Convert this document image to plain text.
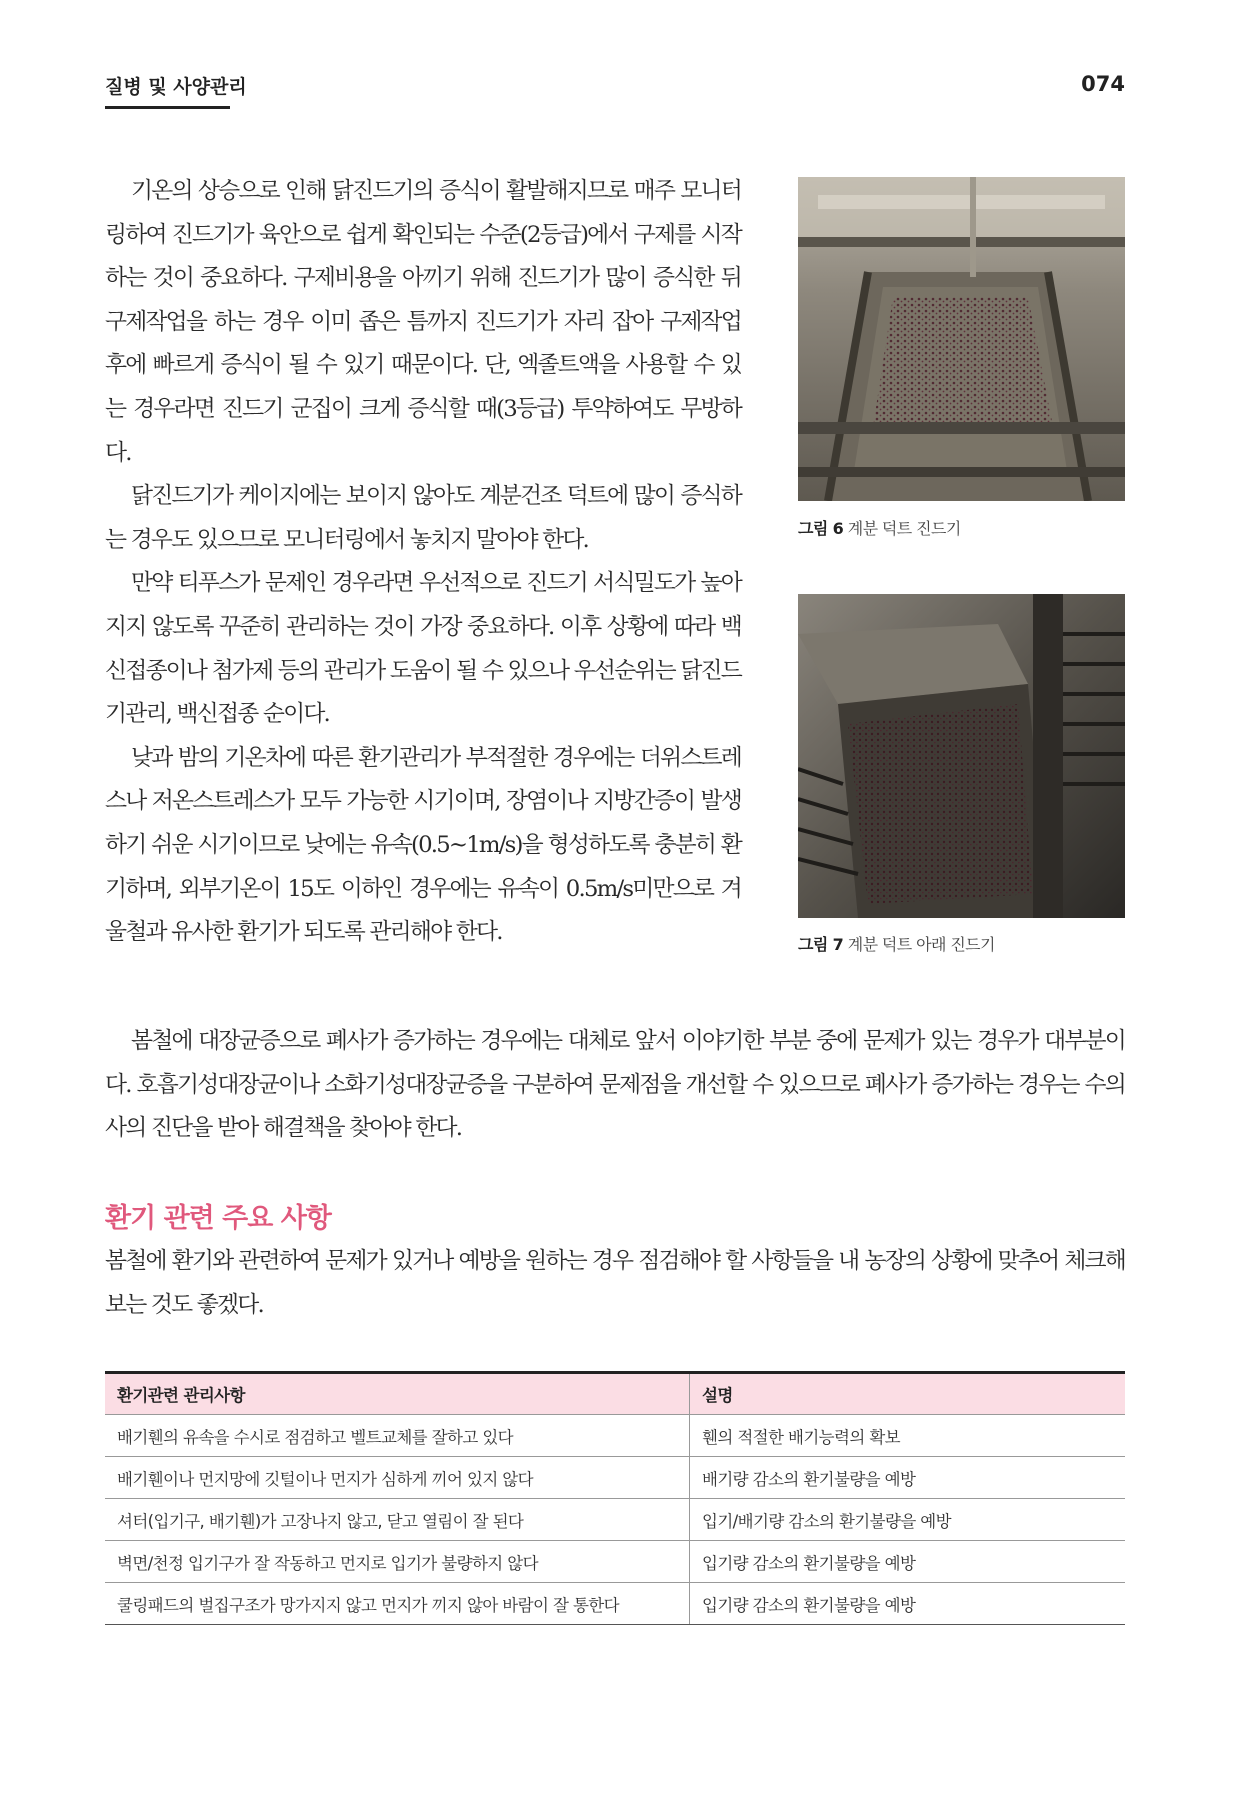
질병 및 사양관리	074

기온의 상승으로 인해 닭진드기의 증식이 활발해지므로 매주 모니터링하여 진드기가 육안으로 쉽게 확인되는 수준(2등급)에서 구제를 시작하는 것이 중요하다. 구제비용을 아끼기 위해 진드기가 많이 증식한 뒤 구제작업을 하는 경우 이미 좁은 틈까지 진드기가 자리 잡아 구제작업 후에 빠르게 증식이 될 수 있기 때문이다. 단, 엑졸트액을 사용할 수 있는 경우라면 진드기 군집이 크게 증식할 때(3등급) 투약하여도 무방하다.

닭진드기가 케이지에는 보이지 않아도 계분건조 덕트에 많이 증식하는 경우도 있으므로 모니터링에서 놓치지 말아야 한다.

만약 티푸스가 문제인 경우라면 우선적으로 진드기 서식밀도가 높아지지 않도록 꾸준히 관리하는 것이 가장 중요하다. 이후 상황에 따라 백신접종이나 첨가제 등의 관리가 도움이 될 수 있으나 우선순위는 닭진드기관리, 백신접종 순이다.

낮과 밤의 기온차에 따른 환기관리가 부적절한 경우에는 더위스트레스나 저온스트레스가 모두 가능한 시기이며, 장염이나 지방간증이 발생하기 쉬운 시기이므로 낮에는 유속(0.5~1m/s)을 형성하도록 충분히 환기하며, 외부기온이 15도 이하인 경우에는 유속이 0.5m/s미만으로 겨울철과 유사한 환기가 되도록 관리해야 한다.

그림 6 계분 덕트 진드기
그림 7 계분 덕트 아래 진드기

봄철에 대장균증으로 폐사가 증가하는 경우에는 대체로 앞서 이야기한 부분 중에 문제가 있는 경우가 대부분이다. 호흡기성대장균이나 소화기성대장균증을 구분하여 문제점을 개선할 수 있으므로 폐사가 증가하는 경우는 수의사의 진단을 받아 해결책을 찾아야 한다.

환기 관련 주요 사항

봄철에 환기와 관련하여 문제가 있거나 예방을 원하는 경우 점검해야 할 사항들을 내 농장의 상황에 맞추어 체크해 보는 것도 좋겠다.

환기관련 관리사항	설명
배기휀의 유속을 수시로 점검하고 벨트교체를 잘하고 있다	휀의 적절한 배기능력의 확보
배기휀이나 먼지망에 깃털이나 먼지가 심하게 끼어 있지 않다	배기량 감소의 환기불량을 예방
셔터(입기구, 배기휀)가 고장나지 않고, 닫고 열림이 잘 된다	입기/배기량 감소의 환기불량을 예방
벽면/천정 입기구가 잘 작동하고 먼지로 입기가 불량하지 않다	입기량 감소의 환기불량을 예방
쿨링패드의 벌집구조가 망가지지 않고 먼지가 끼지 않아 바람이 잘 통한다	입기량 감소의 환기불량을 예방
